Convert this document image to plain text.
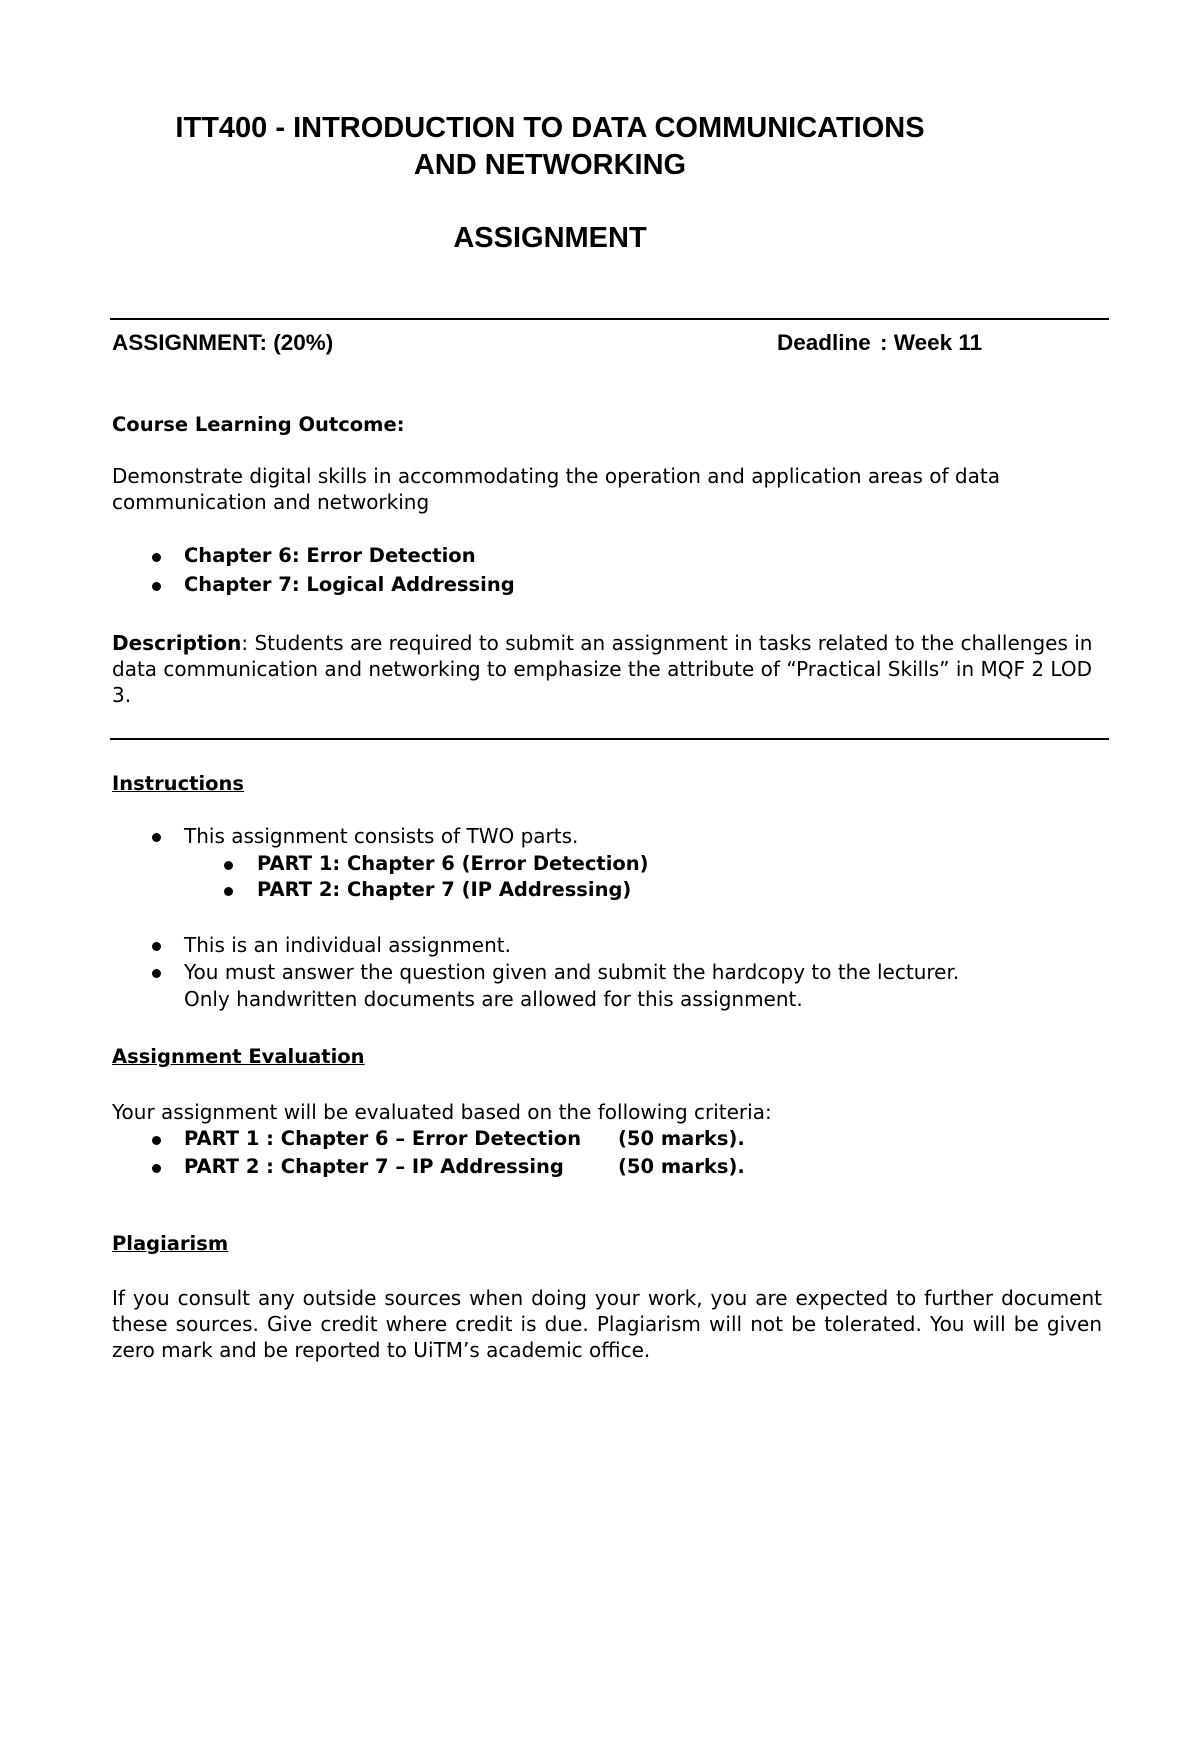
ITT400 - INTRODUCTION TO DATA COMMUNICATIONS
AND NETWORKING
ASSIGNMENT
ASSIGNMENT: (20%)	Deadline : Week 11
Course Learning Outcome:
Demonstrate digital skills in accommodating the operation and application areas of data communication and networking
Chapter 6: Error Detection
Chapter 7: Logical Addressing
Description: Students are required to submit an assignment in tasks related to the challenges in data communication and networking to emphasize the attribute of “Practical Skills” in MQF 2 LOD 3.
Instructions
This assignment consists of TWO parts.
PART 1: Chapter 6 (Error Detection)
PART 2: Chapter 7 (IP Addressing)
This is an individual assignment.
You must answer the question given and submit the hardcopy to the lecturer.
Only handwritten documents are allowed for this assignment.
Assignment Evaluation
Your assignment will be evaluated based on the following criteria:
PART 1 : Chapter 6 – Error Detection (50 marks).
PART 2 : Chapter 7 – IP Addressing	(50 marks).
Plagiarism
If you consult any outside sources when doing your work, you are expected to further document these sources. Give credit where credit is due. Plagiarism will not be tolerated. You will be given zero mark and be reported to UiTM’s academic office.
